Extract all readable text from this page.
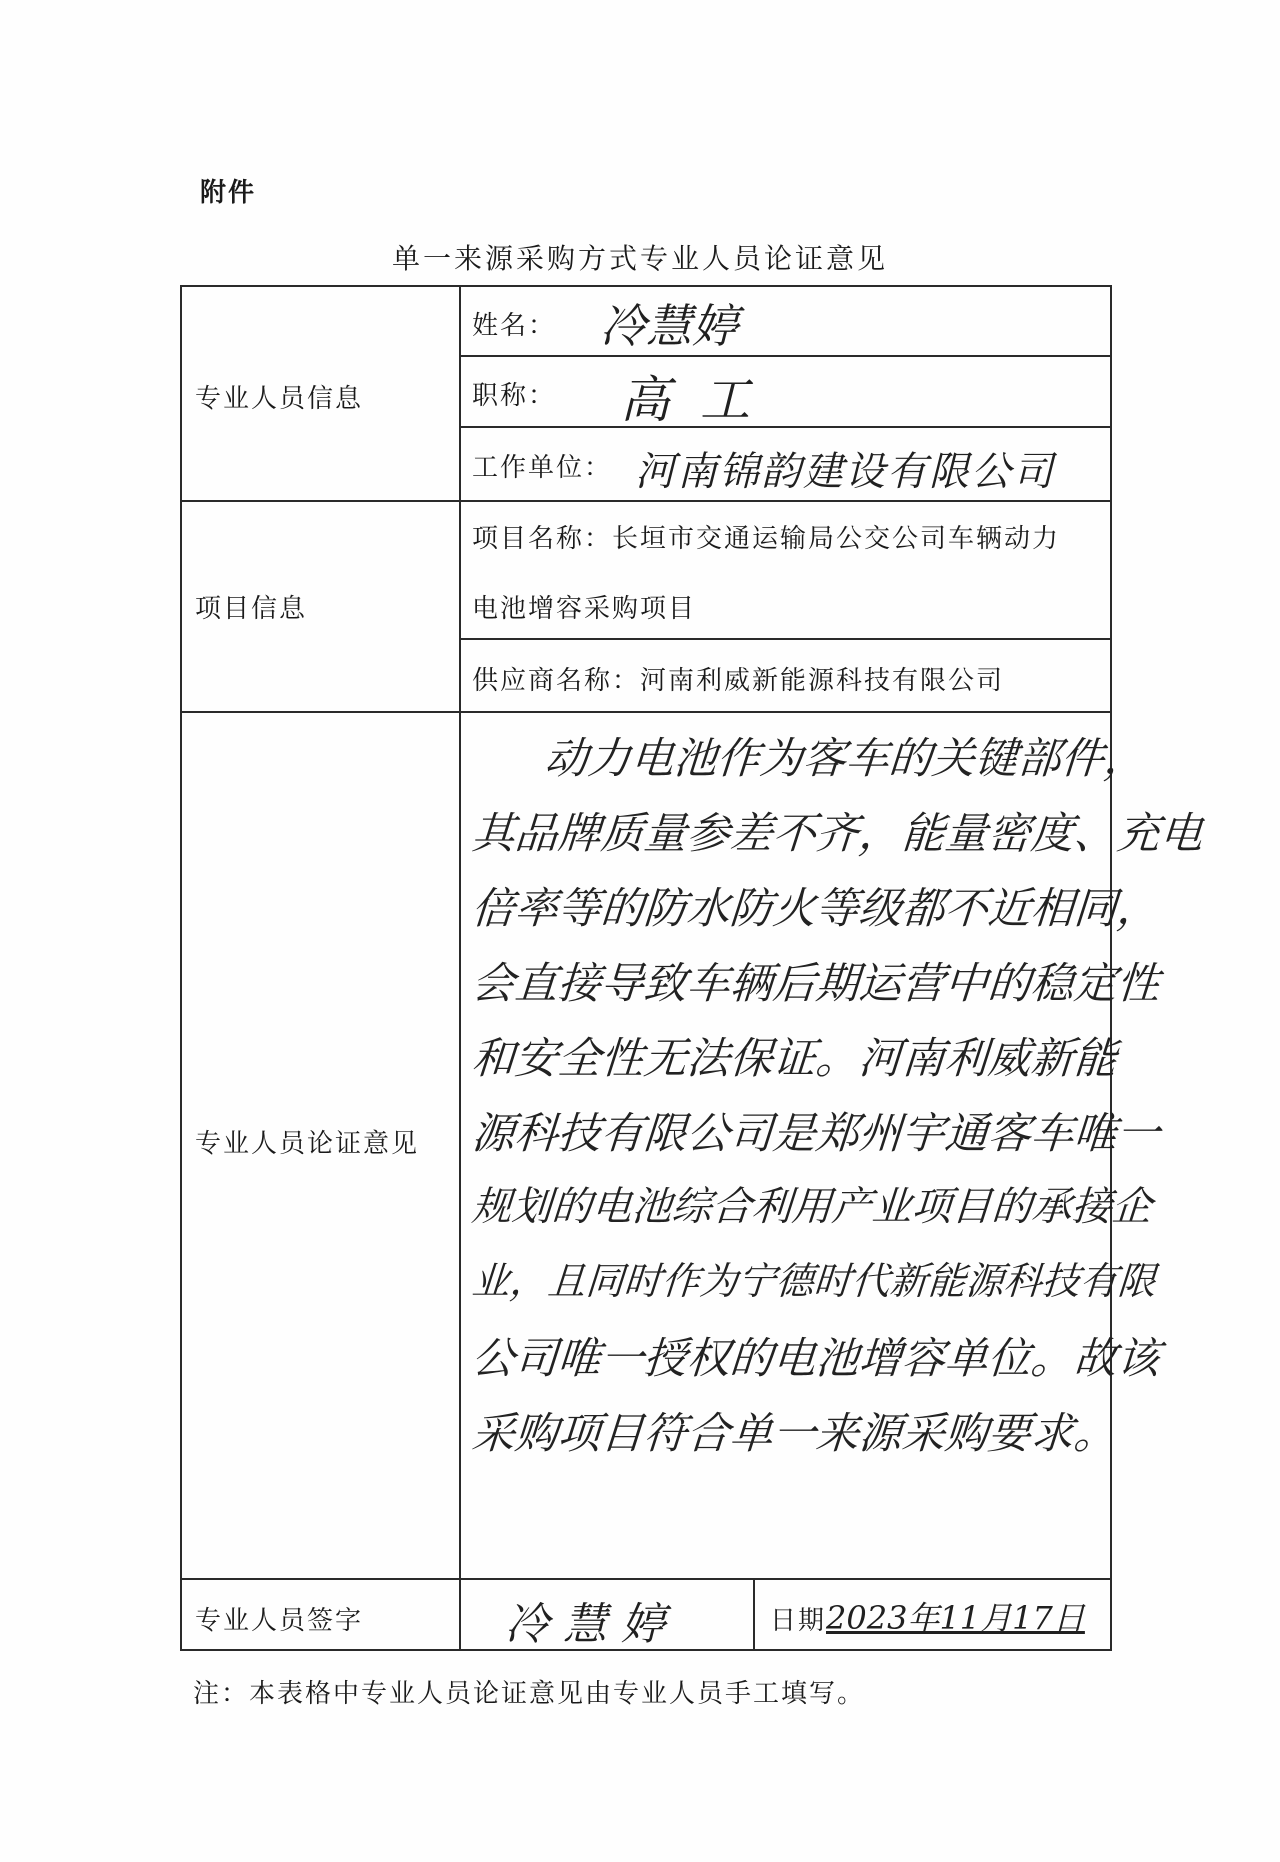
附件
单一来源采购方式专业人员论证意见
专业人员信息
姓名： 冷慧婷
职称： 高工
工作单位： 河南锦韵建设有限公司
项目信息
项目名称：长垣市交通运输局公交公司车辆动力
电池增容采购项目
供应商名称：河南利威新能源科技有限公司
专业人员论证意见
动力电池作为客车的关键部件，
其品牌质量参差不齐，能量密度、充电
倍率等的防水防火等级都不近相同，
会直接导致车辆后期运营中的稳定性
和安全性无法保证。河南利威新能
源科技有限公司是郑州宇通客车唯一
规划的电池综合利用产业项目的承接企
业，且同时作为宁德时代新能源科技有限
公司唯一授权的电池增容单位。故该
采购项目符合单一来源采购要求。
专业人员签字	冷慧婷	日期 2023年11月17日
注：本表格中专业人员论证意见由专业人员手工填写。
